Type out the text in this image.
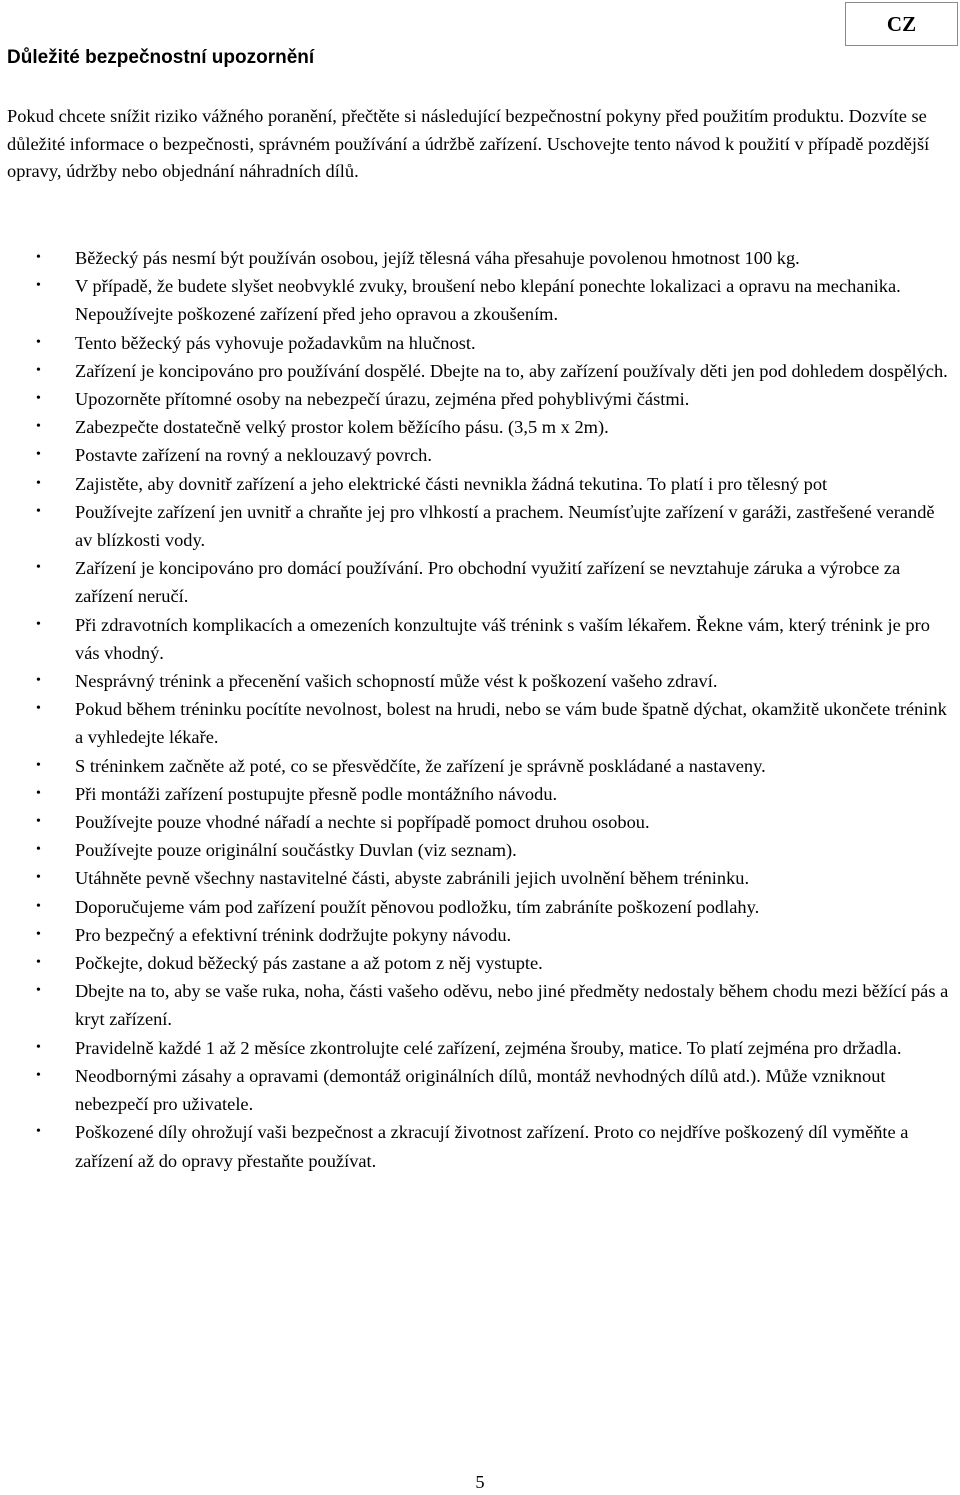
CZ
Důležité bezpečnostní upozornění

Pokud chcete snížit riziko vážného poranění, přečtěte si následující bezpečnostní pokyny před použitím produktu. Dozvíte se důležité informace o bezpečnosti, správném používání a údržbě zařízení. Uschovejte tento návod k použití v případě pozdější opravy, údržby nebo objednání náhradních dílů.

• Běžecký pás nesmí být používán osobou, jejíž tělesná váha přesahuje povolenou hmotnost 100 kg.
• V případě, že budete slyšet neobvyklé zvuky, broušení nebo klepání ponechte lokalizaci a opravu na mechanika. Nepoužívejte poškozené zařízení před jeho opravou a zkoušením.
• Tento běžecký pás vyhovuje požadavkům na hlučnost.
• Zařízení je koncipováno pro používání dospělé. Dbejte na to, aby zařízení používaly děti jen pod dohledem dospělých.
• Upozorněte přítomné osoby na nebezpečí úrazu, zejména před pohyblivými částmi.
• Zabezpečte dostatečně velký prostor kolem běžícího pásu. (3,5 m x 2m).
• Postavte zařízení na rovný a neklouzavý povrch.
• Zajistěte, aby dovnitř zařízení a jeho elektrické části nevnikla žádná tekutina. To platí i pro tělesný pot
• Používejte zařízení jen uvnitř a chraňte jej pro vlhkostí a prachem. Neumísťujte zařízení v garáži, zastřešené verandě av blízkosti vody.
• Zařízení je koncipováno pro domácí používání. Pro obchodní využití zařízení se nevztahuje záruka a výrobce za zařízení neručí.
• Při zdravotních komplikacích a omezeních konzultujte váš trénink s vaším lékařem. Řekne vám, který trénink je pro vás vhodný.
• Nesprávný trénink a přecenění vašich schopností může vést k poškození vašeho zdraví.
• Pokud během tréninku pocítíte nevolnost, bolest na hrudi, nebo se vám bude špatně dýchat, okamžitě ukončete trénink a vyhledejte lékaře.
• S tréninkem začněte až poté, co se přesvědčíte, že zařízení je správně poskládané a nastaveny.
• Při montáži zařízení postupujte přesně podle montážního návodu.
• Používejte pouze vhodné nářadí a nechte si popřípadě pomoct druhou osobou.
• Používejte pouze originální součástky Duvlan (viz seznam).
• Utáhněte pevně všechny nastavitelné části, abyste zabránili jejich uvolnění během tréninku.
• Doporučujeme vám pod zařízení použít pěnovou podložku, tím zabráníte poškození podlahy.
• Pro bezpečný a efektivní trénink dodržujte pokyny návodu.
• Počkejte, dokud běžecký pás zastane a až potom z něj vystupte.
• Dbejte na to, aby se vaše ruka, noha, části vašeho oděvu, nebo jiné předměty nedostaly během chodu mezi běžící pás a kryt zařízení.
• Pravidelně každé 1 až 2 měsíce zkontrolujte celé zařízení, zejména šrouby, matice. To platí zejména pro držadla.
• Neodbornými zásahy a opravami (demontáž originálních dílů, montáž nevhodných dílů atd.). Může vzniknout nebezpečí pro uživatele.
• Poškozené díly ohrožují vaši bezpečnost a zkracují životnost zařízení. Proto co nejdříve poškozený díl vyměňte a zařízení až do opravy přestaňte používat.

5
